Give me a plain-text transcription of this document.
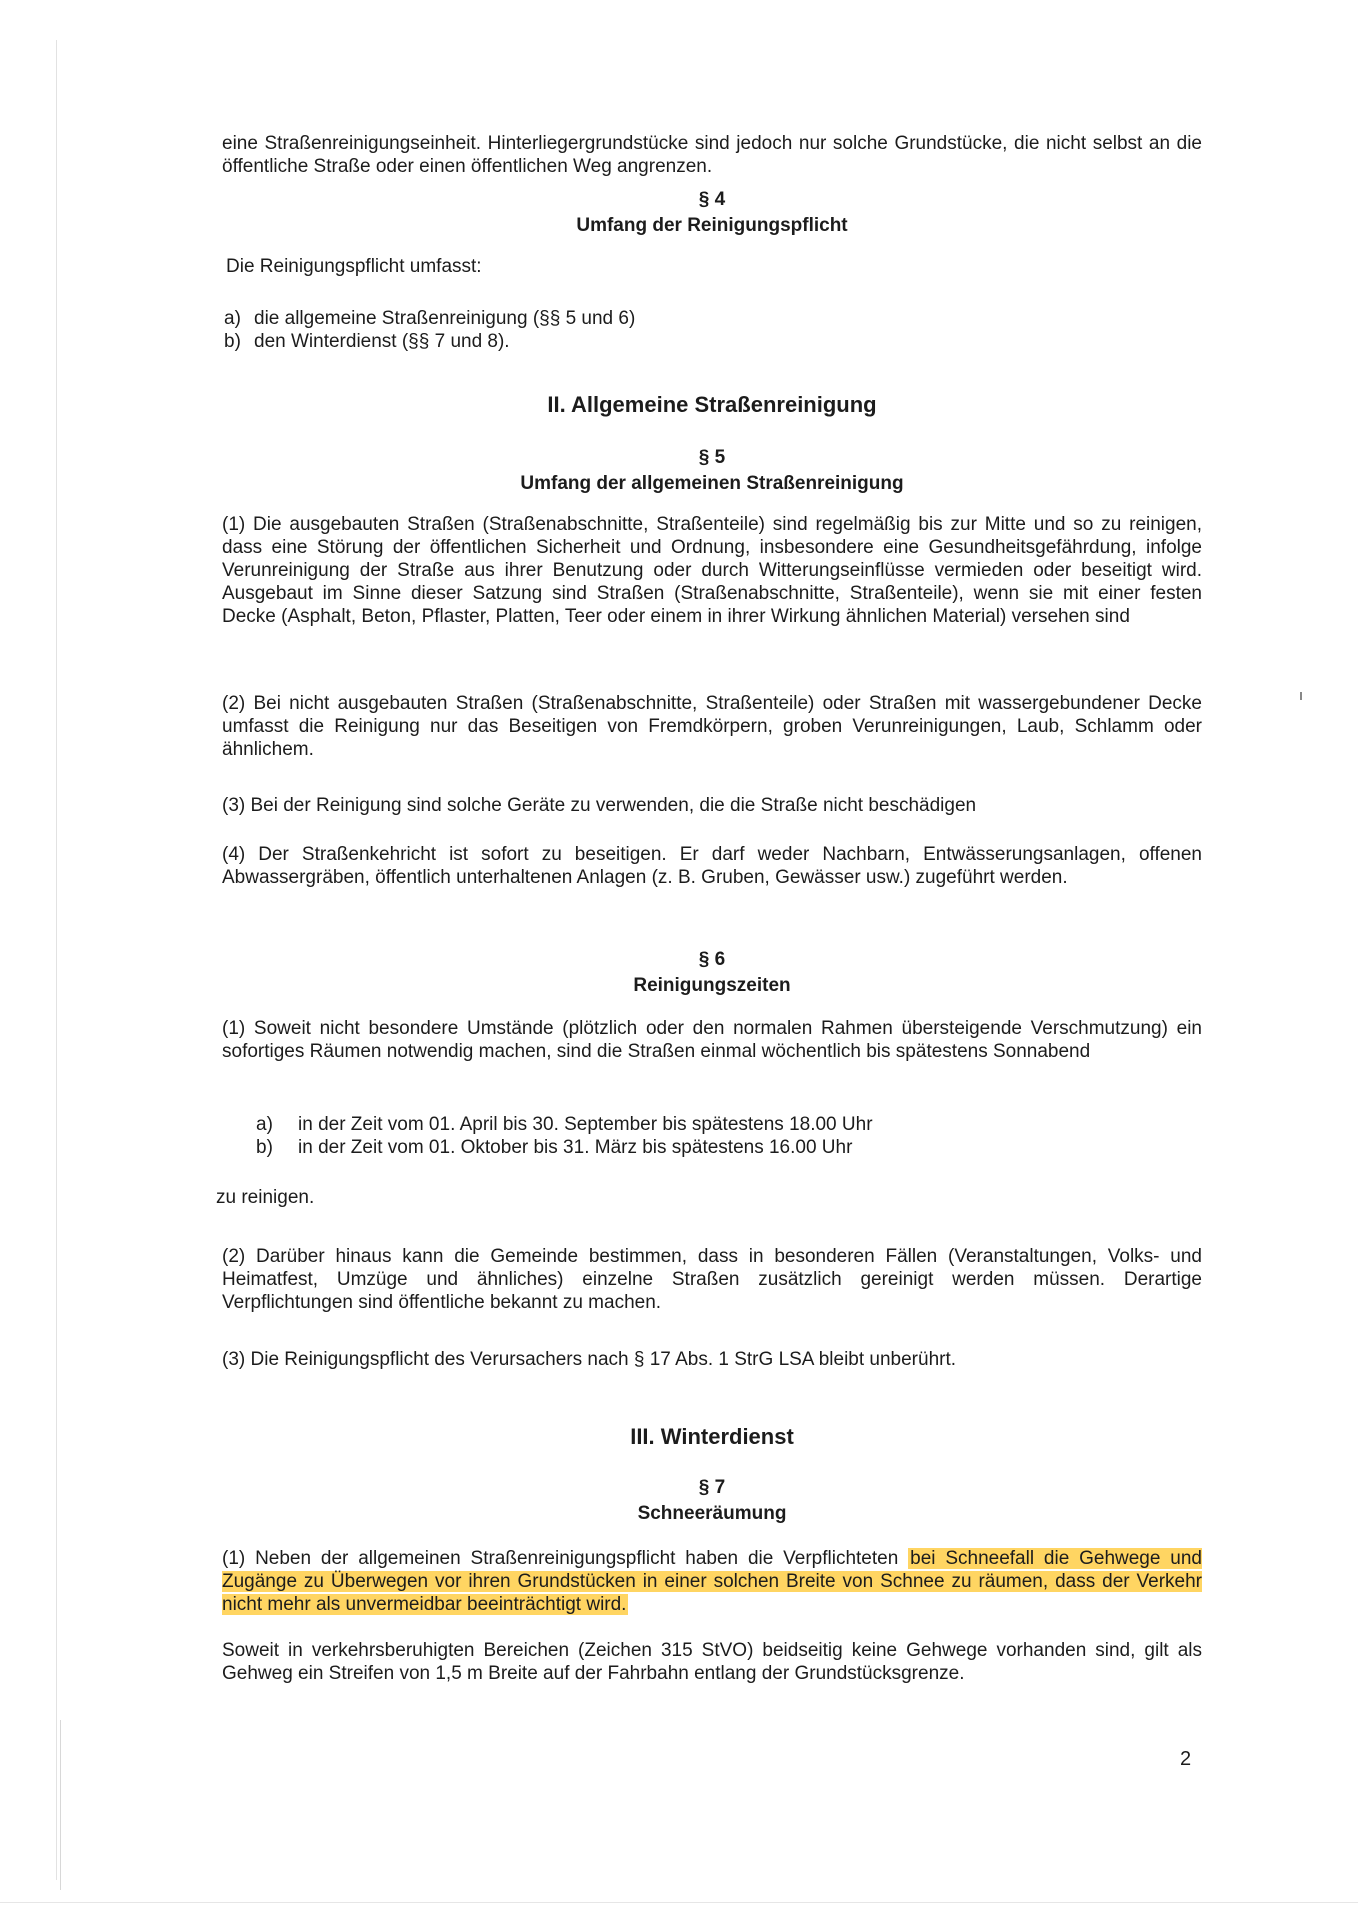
eine Straßenreinigungseinheit. Hinterliegergrundstücke sind jedoch nur solche Grundstücke, die nicht selbst an die öffentliche Straße oder einen öffentlichen Weg angrenzen.

§ 4
Umfang der Reinigungspflicht

Die Reinigungspflicht umfasst:

a) die allgemeine Straßenreinigung (§§ 5 und 6)
b) den Winterdienst (§§ 7 und 8).
II. Allgemeine Straßenreinigung
§ 5
Umfang der allgemeinen Straßenreinigung

(1) Die ausgebauten Straßen (Straßenabschnitte, Straßenteile) sind regelmäßig bis zur Mitte und so zu reinigen, dass eine Störung der öffentlichen Sicherheit und Ordnung, insbesondere eine Gesundheitsgefährdung, infolge Verunreinigung der Straße aus ihrer Benutzung oder durch Witterungseinflüsse vermieden oder beseitigt wird. Ausgebaut im Sinne dieser Satzung sind Straßen (Straßenabschnitte, Straßenteile), wenn sie mit einer festen Decke (Asphalt, Beton, Pflaster, Platten, Teer oder einem in ihrer Wirkung ähnlichen Material) versehen sind

(2) Bei nicht ausgebauten Straßen (Straßenabschnitte, Straßenteile) oder Straßen mit wassergebundener Decke umfasst die Reinigung nur das Beseitigen von Fremdkörpern, groben Verunreinigungen, Laub, Schlamm oder ähnlichem.

(3) Bei der Reinigung sind solche Geräte zu verwenden, die die Straße nicht beschädigen

(4) Der Straßenkehricht ist sofort zu beseitigen. Er darf weder Nachbarn, Entwässerungsanlagen, offenen Abwassergräben, öffentlich unterhaltenen Anlagen (z. B. Gruben, Gewässer usw.) zugeführt werden.

§ 6
Reinigungszeiten

(1) Soweit nicht besondere Umstände (plötzlich oder den normalen Rahmen übersteigende Verschmutzung) ein sofortiges Räumen notwendig machen, sind die Straßen einmal wöchentlich bis spätestens Sonnabend

a)	in der Zeit vom 01. April bis 30. September bis spätestens 18.00 Uhr
b)	in der Zeit vom 01. Oktober bis 31. März bis spätestens 16.00 Uhr

zu reinigen.

(2) Darüber hinaus kann die Gemeinde bestimmen, dass in besonderen Fällen (Veranstaltungen, Volks- und Heimatfest, Umzüge und ähnliches) einzelne Straßen zusätzlich gereinigt werden müssen. Derartige Verpflichtungen sind öffentliche bekannt zu machen.

(3) Die Reinigungspflicht des Verursachers nach § 17 Abs. 1 StrG LSA bleibt unberührt.

III. Winterdienst
§ 7
Schneeräumung

(1) Neben der allgemeinen Straßenreinigungspflicht haben die Verpflichteten bei Schneefall die Gehwege und Zugänge zu Überwegen vor ihren Grundstücken in einer solchen Breite von Schnee zu räumen, dass der Verkehr nicht mehr als unvermeidbar beeinträchtigt wird.

Soweit in verkehrsberuhigten Bereichen (Zeichen 315 StVO) beidseitig keine Gehwege vorhanden sind, gilt als Gehweg ein Streifen von 1,5 m Breite auf der Fahrbahn entlang der Grundstücksgrenze.

2
